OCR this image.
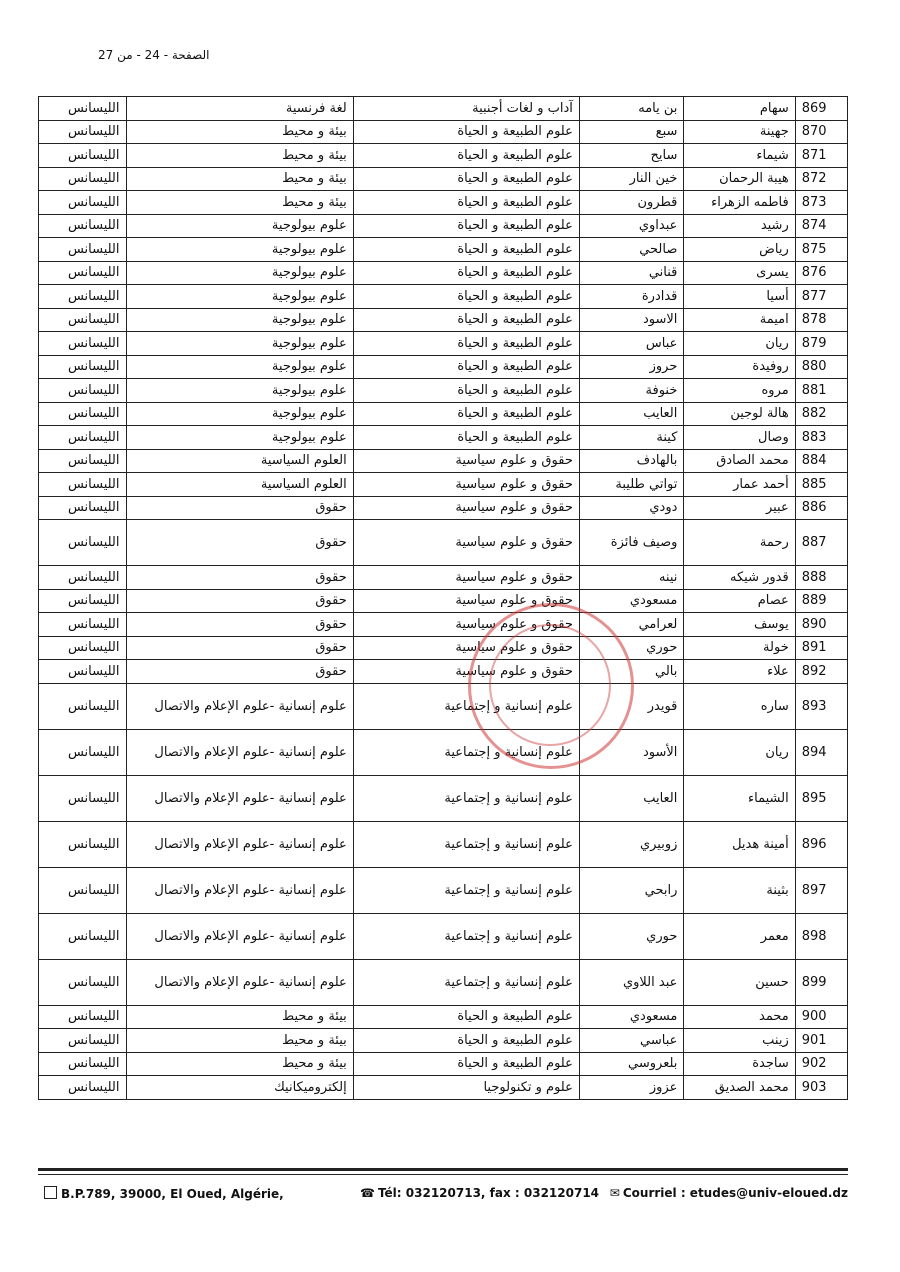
الصفحة - 24 - من 27
869	سهام	بن يامه	آداب و لغات أجنبية	لغة فرنسية	الليسانس
870	جهينة	سبع	علوم الطبيعة و الحياة	بيئة و محيط	الليسانس
871	شيماء	سايح	علوم الطبيعة و الحياة	بيئة و محيط	الليسانس
872	هيبة الرحمان	خين النار	علوم الطبيعة و الحياة	بيئة و محيط	الليسانس
873	فاطمه الزهراء	قطرون	علوم الطبيعة و الحياة	بيئة و محيط	الليسانس
874	رشيد	عبداوي	علوم الطبيعة و الحياة	علوم بيولوجية	الليسانس
875	رياض	صالحي	علوم الطبيعة و الحياة	علوم بيولوجية	الليسانس
876	يسرى	قناني	علوم الطبيعة و الحياة	علوم بيولوجية	الليسانس
877	أسيا	قدادرة	علوم الطبيعة و الحياة	علوم بيولوجية	الليسانس
878	اميمة	الاسود	علوم الطبيعة و الحياة	علوم بيولوجية	الليسانس
879	ريان	عباس	علوم الطبيعة و الحياة	علوم بيولوجية	الليسانس
880	روفيدة	حروز	علوم الطبيعة و الحياة	علوم بيولوجية	الليسانس
881	مروه	خنوفة	علوم الطبيعة و الحياة	علوم بيولوجية	الليسانس
882	هالة لوجين	العايب	علوم الطبيعة و الحياة	علوم بيولوجية	الليسانس
883	وصال	كينة	علوم الطبيعة و الحياة	علوم بيولوجية	الليسانس
884	محمد الصادق	بالهادف	حقوق و علوم سياسية	العلوم السياسية	الليسانس
885	أحمد عمار	تواتي طليبة	حقوق و علوم سياسية	العلوم السياسية	الليسانس
886	عبير	دودي	حقوق و علوم سياسية	حقوق	الليسانس
887	رحمة	وصيف فائزة	حقوق و علوم سياسية	حقوق	الليسانس
888	قدور شيكه	نينه	حقوق و علوم سياسية	حقوق	الليسانس
889	عصام	مسعودي	حقوق و علوم سياسية	حقوق	الليسانس
890	يوسف	لعرامي	حقوق و علوم سياسية	حقوق	الليسانس
891	خولة	حوري	حقوق و علوم سياسية	حقوق	الليسانس
892	علاء	بالي	حقوق و علوم سياسية	حقوق	الليسانس
893	ساره	قويدر	علوم إنسانية و إجتماعية	علوم إنسانية -علوم الإعلام والاتصال	الليسانس
894	ريان	الأسود	علوم إنسانية و إجتماعية	علوم إنسانية -علوم الإعلام والاتصال	الليسانس
895	الشيماء	العايب	علوم إنسانية و إجتماعية	علوم إنسانية -علوم الإعلام والاتصال	الليسانس
896	أمينة هديل	زوبيري	علوم إنسانية و إجتماعية	علوم إنسانية -علوم الإعلام والاتصال	الليسانس
897	بثينة	رابحي	علوم إنسانية و إجتماعية	علوم إنسانية -علوم الإعلام والاتصال	الليسانس
898	معمر	حوري	علوم إنسانية و إجتماعية	علوم إنسانية -علوم الإعلام والاتصال	الليسانس
899	حسين	عبد اللاوي	علوم إنسانية و إجتماعية	علوم إنسانية -علوم الإعلام والاتصال	الليسانس
900	محمد	مسعودي	علوم الطبيعة و الحياة	بيئة و محيط	الليسانس
901	زينب	عباسي	علوم الطبيعة و الحياة	بيئة و محيط	الليسانس
902	ساجدة	بلعروسي	علوم الطبيعة و الحياة	بيئة و محيط	الليسانس
903	محمد الصديق	عزوز	علوم و تكنولوجيا	إلكتروميكانيك	الليسانس
B.P.789, 39000, El Oued, Algérie,	☎ Tél: 032120713, fax : 032120714 ✉ Courriel : etudes@univ-eloued.dz
